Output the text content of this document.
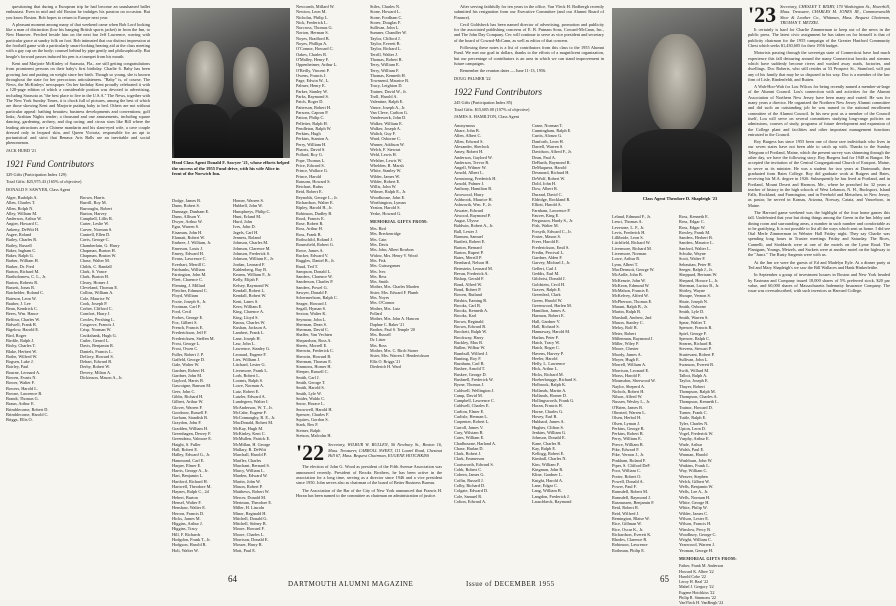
questioning that during a European trip he had become an unashamed ballet enthusiast. Even in mid and old Boston he indulges his passion on occasion. But you know Boston. Bob hopes to return to Europe next year.

A pleasant moment among many of that weekend came when Bob Lord looking like a man of distinction (low his hanging British sports jacket) in from the Inn, to New Hanover. Perched beside him on the next bar Jeff Lawrence, waving with particular grace at sundry folk on foot. Bob intimated that our distinct impression at the football game with a particularly smart-looking hearing aid at the class meeting with a gay cap on the body; counsel behind by pipe gently and philosophically. But beagle's forward passes induced his pen is a trumpet from his mouth.

Kent and Marjorie McKinley of Sarasota, Fla., are still getting congratulations from prominent persons on their baby's first birthday. Charlie 6. Baby has been growing fast and putting on weight since her birth. Though so young, she is known throughout the state for her precocious articulateness. "Baby" is, of course, The News, the McKinleys' newspaper. On her birthday Kent proudly celebrated it with a 128-page edition of which a considerable portion was devoted to advertising, including Sarasota as "the best place to live in the U.S.A." The News, together with The New York Sunday Times, it is chock full of pictures, among the best of which are those showing Kent and Marjorie putting baby to bed. Others are not without particular appeal: bathing beauties; business developments and conventions; golf links; Arabian Nights tender; a thousand and one amusements, including square dancing, gardening, archery, and dog racing; and circus stars like Bill where the leading attractions are a Chinese mandarin and his slant-eyed wife, a cave couple dressed only in leopard skin, and Queen Victoria, responsible for an apt to portunistical and strict that Benaux Arts Balls are an inevitable and social phenomenon.

JACK HURD '21

1921 Fund Contributors

329 Gifts (Participation Index 129)

Total Gifts: $25,975.43 (165% of objective)

DONALD F. SAWYER, Class Agent

Alger, Rudolph A.
Allen, Charles T.
Allen, Rolph N.
Alley, William M.
Anderson, Arthur W.
Angier, Howard C.
Ankeny, DeWitt H.
Asgee, Roland
Bailey, Charles R.
Bailey, Russell
Baker, Ingham C.
Baker, Ralph G.
Barber, William H.
Barker, Dr. Fred
Barton, Richard M.
Bartholomew, C. L., Jr.
Barton, Roberts R.
Bassett, Jonas R.
Batchelder, Roland C.
Bateson, Leon W.
Bauber, J. Lee
Bean, Kendrick C.
Beers, Wm. Hance
Belfour, Charles W.
Bidwell, Frank B.
Bigelow, Harold E.
Bird, Roger
Birdtle, Ralph J.
Bixby, Charles T.
Blake, Herbert W.
Bothe, Wilfred W.
Bogsen, Luke J.
Boirley, Paul
Bourne, Leonard A.
Bowen, Evarts N.
Bower, Walter F.
Bowers, Harold L.
Bowne, Lawrence B.
Brandt, Thomas G.
Braun, Arthur E.
Brimblecome, Robert D.
Brimblecome, Harold C.
Briggs, Ellis O.
Brown, Harris
Burrill, Roy M.
Burroughs, Robert
Burton, Harvey
Campbell, Lillis R.
Carter, Leslie W.
Carver, Norman S.
Cantrell, Ellen D.
Cavis, George C.
Chamberlain, G. Harry
Chapman, Burton H.
Chapman, Bruton W.
Chase, Walter M.
Childs, C. Randall
Clark, S. Vance
Clark, Burton H.
Cleary, Homer J.
Cleveland, Thomas E.
Collins, William A.
Cole, Maurice W.
Cook, Joseph P.
Corber, Clifford C.
Comfort, Harry J.
Cowles, Pershing L.
Cosgrove, Francis J.
Crisp, Norman W.
Cruikshank, Hugh G.
Cutler, Gerard L.
Davis, Benjamin R.
Daniels, Francis L.
DeGrey, Howard S.
Dehart, Edward B.
Derby, Robert W.
Devery, Milton A.
Dickinson, Mason A., Jr.
Head Class Agent Donald F. Sawyer '21, whose efforts helped the success of the 1955 Fund drive, with his wife Alice in front of the Norwich Inn.
Dodge, James B.
Dunn, Robert S.
Dunnage, Dunham E.
Dunn, Allison Y.
Dwyer, Arthur W.
Egar, Warren S.
Eisaman, John H.
Elamatt, Robert W.
Embree, J. William, Jr.
Emerson, Louis J.
Emery, Edward H.
Evans, Lawrence C.
Everhart, Merrill C.
Fairbanks, William
Farrington, John M.
Fleet, Clarence C.
Fleming, J. Millard
Fletcher, Edmund C.
Floyd, William
Foote, Joseph S., Jr.
Footman, Carl F.
Ford, Cecil
Forbes, George E.
Fox, Gilbert S.
French, Francis E.
Frederickson, Jeff F.
Fredericksen, Steffen M.
Frost, George L.
Frost, Owen C.
Fuller, Robert J. P.
Gaffeld, George D.
Gale, Walter W.
Gardner, Robert H.
Gardner, John M.
Gaylord, Harris B.
Gascoigne, Ranson M.
Geer, John C.
Gibbs, Richard H.
Gilbert, Arthur W.
Glover, Warren F.
Goodnow, Russell F.
Gorham, Standish B.
Graydon, John F.
Gradden, William H.
Greenhagen, Dewey F.
Greendeau, Valmore E.
Haight, S. Fuller
Hall, Robert E.
Halley, Edward G., Jr.
Hammond, Carl E.
Harper, Elmer E.
Harris, George A., Jr.
Hart, Benjamin L.
Hartford, Richard H.
Hartwell, Theodore M.
Haynes, Ralph C., 2d
Hebert, Burton
Hensel, Walter F.
Henshaw, Walter E.
Herron, Francis D.
Hicks, James M.
Higgins, Arthur J.
Higgins, Tracy
Hill, F. Richards
Hodgdon, Frank T., Jr.
Hodgson, Harold R.
Holt, Walter W.
Homer, Warren S.
Hubbell, John W.
Humphreys, Philip C.
Hunt, Erland M.
Hurd, John
Ives, John D.
Jagels, Carl H.
Jenness, Roland
Johnson, Charles M.
Johnson, Clarence M.
Johnson, Frederick S.
Johnson, William E., Jr.
Jordan, Leonard F.
Kahlenberg, Ray B.
Kearns, William F., Jr.
Kelly, Elijah F.
Kelsey, Raymond W.
Kendall, Robert L.
Kendall, Robert W.
Kent, Lanes S.
Kern, William E.
King, Clarence A.
King, Lloyd S.
Knous, Charles W.
Kushan, Jackson A.
Lambert, Frank L.
Lane, Joseph H.
Law, John L.
Lawrence, Stanley G.
Leonard, Eugene F.
Lies, William J.
Litchard, Lester G.
Livermore, Frank L.
Lorb, Robert L.
Loomis, Ralph S.
Lowe, Norman A.
Lutz, Robert E.
Lutzler, Edward A.
Lundegren, Walter I.
McAnderson, W. T., Jr.
McCabe, Eugene F.
McConnaughy, B. E., Jr.
MacDonald, Robert M.
McKay, Hugh M.
McKinley, Kent C.
McMullen, Patrick E.
McMillan, H. George
Mallary, R. DeWitt
Marchall, Harold P.
Marfler, Charles
Marchant, Bernard S.
Marcy, William L.
Marden, Edward W.
Martin, John W.
Mason, Robert P.
Matthews, Robert W.
Mercer, Donald M.
Meriman, Theodore E.
Miller, H. Lincoln
Minor, Reginald H.
Mitchell, Donald G.
Mitchell, Sidney B.
Moore, Howard F.
Moore, Charles L.
Morrison, Donald E.
Mosser, Harry R.
Mott, Paul E.
Newcomb, Millard W.
Newton, Leon M.
Nicholas, Philip L.
Nick, Frederick L.
Norcross, Thomas G.
Norton, Herman S.
Noyes, Bradford B.
Noyes, Phillips A.
O'Connor, Howard C.
Oakes, Charles R.
O'Malley, Henry F.
Oppenheimer, Arthur L.
O'Reilly, Vincent P.
Owens, Francis J.
Page, Edwin W., L.
Palmer, Henry E.
Parker, Stanley W.
Parks, Raymond S.
Patch, Roger D.
Patterson, Robert H.
Parsons, Capron P.
Patton, Philip C.
Pelletier, Ralph H.
Pendleton, Ralph W.
Perkins, Hugh
Perkins, Stanton A.
Perry, William H.
Pharris, David S.
Pollard, Roy G.
Pope, Thomas L.
Price, Edward S.
Prince, Wallace G.
Prince, Harold
Ransom, Howard S.
Reichart, Rufus
Reid, Robert E.
Reynolds, George L., Jr.
Richardson, Walter E.
Ripley, Harold H., Jr.
Robinson, Dudley B.
Rood, Francis E.
Rose, Robert R.
Ross, Arthur H.
Ross, Frank B.
Rothschild, Roland J.
Rounsfield, Robert G.
Rowe, James A.
Rucker, Edward V.
Ruggles, Daniel B., Jr.
Ruud, Ted T.
Sampson, Donald L.
Sanders, Clarence W.
Sanderson, Charles P.
Sanders, Powel G.
Sawyer, Donald F.
Schermerhorn, Ralph C.
Seager, Howard J.
Segall, Hyman S.
Sexton, Walter K.
Seymour, John L.
Sherman, Dean S.
Sherman, David C.
Shaffer, Van Vechten
Shepardson, Ross A.
Sheets, Morrell E.
Sherwin, Frederick C.
Sherwin, Howard B.
Sherman, Thomas E.
Simmons, Homer H.
Sleeper, Russell C.
Smith, Carl J.
Smith, George T.
Smith, Harold S.
Smith, Lyle W.
Snider, Waldo C.
Snow, Horace L.
Snowwell, Harold H.
Spencer, Charles F.
Squires, Gordon S.
Stark, Rex F.
Steiner, Ralph
Stetson, Malcolm H.
Stiles, Charles N.
Stone, Howard L.
Stone, Fordham C.
Storer, Douglas F.
Sullivan, John L.
Sumner, Chandler W.
Taylor, Clifford J.
Taylor, Everett B.
Taylor, Richard L.
Terrill, Walter J.
Thomas, Robert R.
Terry, William E.
Terry, William F.
Thomas, Kenneth H.
Townsend, Maurice B.
Tracy, Leighton D.
Trainer, David W., Jr.
Troll, Harold A.
Valentine, Ralph E.
Vance, Joseph A., Jr.
Van Cleve, Carlton G.
Vanderwerk, John D.
Walker, William E.
Walker, Joseph A.
Waltch, Guy F.
Ward, Osborne C.
Warner, Addison W.
Welch, F. Stewart
Weld, Lewis H.
Welsher, Lewis W.
Whelden, R. Marsh
White, Stanley W.
Wilder, James W.
Wilder, Robert E.
Willis, John W.
Wilmer, Ralph E., Jr.
Woodhouse, John E.
Worthington, Lyman
Yeaton, Harold S.
Yerke, Howard G.
MEMORIAL GIFTS FROM:
Mrs. Bird
Mrs. Breckenridge
Mrs. Cain
Mrs. Davis
Mrs. John, Albert Bowbon
Widow, Mrs. Henry V. Wood
Mrs. Fisk
Mrs. Guissegames
Mrs. Iver.
Mrs. Ress
Mrs. Smith
Mother, Mrs. Charles Marden
Sister, Mrs. Edward F. Plumb
Mrs. Noyes
Mrs. O'Connor
Mother, Mrs. Lutz
Pollard
Mother, Mrs. John A. Hancon
Daphne C. Baker '21
Brother, Paul S. Temple '20
Mrs. Russell
Dr. Lister
Mrs. Ross
Mother, Mrs. C. Birch Stoner
Sister, Mrs. Warren J. Henderickson
Ellis O. Briggs '21
Diederich H. Ward
'22 Secretary, WILBUR W. BULLEN, 56 Newbury St., Boston 16, Mass. Treasurer, CARROLL SWEET, 111 Laurel Road, Chestnut Hill 67, Mass. Bequest Chairman, EUGENE HOTCHKISS

The election of John G. Wood as president of the Fifth Avenue Association was announced recently. President of Brooks Brothers, he has been active in the association for a long time, serving as a director since 1946 and a vice president since 1950. John serves also as chairman of the board of Better Business Bureau.

The Association of the Bar of the City of New York announced that Francis H. Horan has been named to the committee as chairman on administration of justice.

64	DARTMOUTH ALUMNI MAGAZINE

After serving faithfully for ten years in the office, Van Vleck H. Bodbergh recently submitted his resignation from our Executive Committee (and our Alumni Board of Finance).

Cecil Goldsbeck has been named director of advertising, promotion and publicity for the associated publishing concerns of E. B. Putnam Sons, Coward-McCann, Inc., and The John Day Company. Cec will continue to serve as vice president and secretary of the board of Coward-McCann, as well as editor of that concern.

Following these notes is a list of contributors from this class to the 1955 Alumni Fund. We met our goal in dollars, thanks to the efforts of a magnificent organization, but our percentage of contributors is an area in which we can stand improvement in future campaigns.

Remember the reunion dates — June 11-13, 1956.

DOUG PALMER '22

1922 Fund Contributors

245 Gifts (Participation Index 85)

Total Gifts: $15,685.00 (107% of objective)

JAMES A. HAMILTON, Class Agent

Anonymous
Abare, John B.
Allen, Albert C.
Allen, Edward S.
Alexander, Sherlock
Amey, Robert H.
Anderson, Gaylord W.
Anderson, Trevor R.
Angell, Wilmer W.
Arnold, Albert L.
Armstrong, Frederick H.
Arnold, Palmer J.
Anthony, Hamilton B.
Arrowood, Harry
Ashbrook, Maurice H.
Ashworth, Wm. F., Jr.
Atwater, Edward
Atwood, Raymond P.
Augur, Ulysse
Baldwin, Robert A., Jr.
Ball, Lester J.
Barnum, Samuel
Bartlett, Robert E.
Barton, Bernard
Barton, Rupert P.
Bates, Merrill P.
Bernhard, Nelson H.
Bernstein, Leonard M.
Bevan, Frederick A.
Bishop, Gerald F.
Bond, Alfred W.
Bond, Robert P.
Bowen, Rutland
Brisbin, Eaming R.
Brooks, Carl B.
Brooks, Kenneth A.
Brooks, Karl
Brown, Reginald
Brown, Edward B.
Brockett, Ralph W.
Brockway, Harry
Buckley, Max B.
Bullen, Wilbur W.
Bumbull, Wilfred J.
Bunting, Roy F.
Burnham, Carl B.
Bushee, Arnold T.
Buskee, George D.
Bushnell, Frederick W.
Byrne, Thomas J.
Caldwell, Wellington J.
Camp, David M.
Campbell, Lawrence C.
Caldwell, Charles E.
Carlton, Elmer E.
Carlisle, Herman L.
Carpenter, Robert L.
Carroll, James V.
Cary, Wilsiam B.
Cates, William E.
Chadbourne, Harland A.
Chase, Harlan D.
Clark, Robert J.
Clark, Emmerson
Coatsworth, Edward S.
Cobb, Robert C.
Cobern, James G.
Coffin, Russell J.
Colby, Richard D.
Colgate, Edward D.
Cole, Samuel R.
Colton, Edward A.
Crane, Norman T.
Cunningham, Ralph E.
Curtis, Alonzo G.
Danforth, Leon H.
Darrell, Warren S.
Davidson, Alfred F., Jr.
Dean, Paul A.
DeBurth, Raymond R.
DeMaquera, Harold
Desmond, Richard H.
DeWolf, Robert W.
Dold, John H.
Dow, Albert R.
Durand, David C.
Eldridge, Rockland R.
Elliott, Harold A.
Farnham, Lawrence P.
Fauver, King E.
Fergusson, Hardy S., Jr.
Fish, Walter M.
Forsyth, Edward C., Jr.
Foster, Mason S.
Freer, Harold E.
Frederickson, Emil S.
Fredin, Percival L.
Gardner, Alden F.
Garvey, Michael J., Jr.
Gellert, Carl J.
Geddis, Earl M.
Gilchrist, Donald J.
Goldstein, Cecil H.
Graves, Ralph E.
Greenleaf, Clark
Green, Harold W.
Greenwood, Harlen M.
Hamilton, James A.
Harmon, Robert E.
Hall, Gardner V.
Hall, Richard S.
Hannaway, Harold M.
Harlan, Peter F.
Hatch, Tracy W.
Hatch, Roger C.
Havens, Harvey P.
Heeler, Harold
Helly, L. Lawrence
Hick, Arthur L.
Hicks, Richard M.
Hoeberbrugge, Richard S.
Holbrook, Ralph K.
Hollands, Martin A.
Hollands, Horner D.
Hollingsworth, Frank G.
Horan, Francis H.
Horne, Charles G.
Hovey, Earl R.
Hubbard, James A.
Hughes, Clifton S.
Jenkins, William G.
Johnson, Donald E.
Kane, Charles B.
Kay, Ralph E.
Kellogg, Robert E.
Kimball, Charles N.
Kim, William F.
Kingman, John R.
Kline, Gardner L.
Knight, Harold A.
Lane, Edgar C.
Lang, William B.
Langdon, Frederick J.
Lauschbeck, Raymond
Class Agent Theodore D. Shapleigh '23
Leland, Edmund F., Jr.
Lenci, Thomas A.
Leverone, L. F., Jr.
Levis, Frederick H.
Lillibride, Leon S.
Litchfield, Richard W.
Livermore, Richard M.
Livermore, Norman
Lowe, Arthur R.
Lynn, Albert T.
MacDermott, George W.
McArdle, John B.
McKenzie, John W.
McKeon, Edmund W.
McMahon, Francis E.
McKelvey, Alfred W.
McPherson, Thomas E.
Marani, Ralph B., Jr.
Martin, Ralph B.
Marshall, Andrew, 2nd
Mason, Stanley C.
Meloy, Rolf B.
Meier, Robert
Millenman, Raymond J.
Miller, Wiley P.
Moore, Chester
Moody, James A.
Moyer, Hugh E.
Morrell, William A.
Morrison, Leonard E.
Morss, Harold F.
Mounsdon, Sherwood W.
Naylor, Sheperd A.
Nichols, Robert H.
Nilson, Alfred W.
Nussen, Wesley L., Jr.
O'Brien, James B.
Olmsted, Warren L.
Olsen, Herbol H.
Olsen, Lyman J.
Perkins, George B.
Perkins, Robert B.
Perry, William E.
Pierce, William B.
Pike, Edward F.
Pike, Vernon J., Jr.
Pinkham, Roland F.
Piper, S. Clifford DeF.
Poor, William C.
Porter, Robert O.
Powell, Donald A.
Power, Paul F.
Ramsdell, Robert M.
Ramsdell, Raymond J.
Rasmussen, Benjamin F.
Reid, Robert R.
Reid, Wilfred J.
Remington, Blaise W.
Rice, Gillman W.
Rice, Oscar K., Jr.
Richardson, Everett K.
Rhodes, Clarence R.
Robinson, Lawrence
Rothman, Philip E.
Ross, Kenneth E.
Ross, Edgar C.
Ross, Edgar W.
Rowley, Frank M.
Sanders, Herbert B.
Sanders, Maurice L.
Sanford, Walter L.
Schultz, Wayne
Scott, Walter F.
Sebastian, Peter H.
Seeger, Ralph J., Jr.
Sheppard, Bertram W.
Shepard, Horace L., Jr.
Sherman, Lucius B., Jr.
Shirley, Wayne
Shoupe, Vernon S.
Shute, Joseph N.
Smith, Osborne
Smith, Lyle D.
Smith, Warren S.
Spear, Walter T.
Spencer, Francis R.
Spiel, George F.
Spencer, Ralph C.
Stearns, Richard R.
Stevens, Stewart P.
Sturtevant, Robert P.
Sullivan, John L.
Swanson, Everett B.
Swift, Willard M.
Talbot, Ralph A.
Taylor, Joseph E.
Thayer, Robert
Thompson, Ralph M.
Thompson, Charles A.
Thompson, Kenneth L.
Trainor, Howard D.
Turner, Frank C.
Tuttle, Ralph E.
Tyler, Charles N.
Upton, Leon D.
Vogel, Frederick W.
Vurphy, Arthur E.
Wade, Arthur
Walsh, Paul E.
Warman, Harold
Washburn, John W.
Watkins, Frank L.
Way, William C.
Weaver, Stephen
Welch, Gilbert W.
Wells, Benjamin W.
Wells, Lee A., Jr.
Wells, Norman H.
White, George H.
White, Philip W.
Wilder, James C.
Wilson, Lester E.
Wilson, Francis H.
Winslow, Percy B.
Woodbury, George C.
Wright, William C.
Yearwood, Warren J.
Yeoman, George H.
MEMORIAL GIFTS FROM:
Father, Frank M. Anderson
Howard K. Albee '22
Harold Cobe '22
Leroy H. Beal '22
Mabel J. Gregory '22
Eugene Hotchkiss '22
Philip R. Simmons '22
VanVleck H. VanBergh '22
'23 Secretary, CHESLEY T. BIXBY, 170 Washington St., Haverhill, Mass. Treasurer, CHARLES M. JONES JR., Commonwealth Shoe & Leather Co., Whitman, Mass. Bequest Chairman, TRUMAN T. METZEL

It certainly is hard for Charlie Zimmerman to keep out of the news in the public press. The latest civic assignment he has taken on for himself is that of publicity chairman for the 1955 campaign of the Greater Hartford Community Chest which seeks $1,430,605 for their 1956 budget.

Motorists passing through the sovereign state of Connecticut have had much experience this fall detouring around the many Connecticut brooks and streams which have suddenly become rivers and washed away roads, factories, and dwellings. Doc Roberts, who still resides at 53 Prospect St., Stamford, will put any of his family that may be so disposed in his way. Doc is a member of the law firm of Lisle, Rindenfeldt, and Rutten.

A Wah-Hoo-Wah for Lou Wilcox for being recently named a member-at-large of the Alumni Council. Lou's connection with and activities for the Alumni Association of Northern New Jersey have been many and varied. He was for many years a director. He organized the Northern New Jersey Alumni committee and did such an outstanding job he was named to the national enrollment committee of the Alumni Council. In his new post as a member of the Council itself, Lou will serve on several committees studying long-range policies on admissions, courses of study, programs of future development and expansion of the College plant and facilities and other important management functions entrusted to the Council.

Roy Burgess has since 1955 been one of those rare individuals who lives in our seven states have not been able to catch up with. Thanks to the Sunday Telegram of Portland, Maine, which the present survey was shimming through the other day, we have the following story. Roy Burgess had for 1948 at Bangor. He accepted the invitation of the Central Congregational Church of Eastport, Maine, to serve as its minister. He was a student for two years at Dartmouth, then graduated from Bates College. Roy did graduate work at Rutgers and Bates, receiving his M.A. degree in 1926. Subsequently he has lived at Portland, and in Portland, Mount Desert and Harmon, Me., where he preached for 32 years a teacher of history in the high schools of West Lebanon, N. H., Bucksport, Island Falls, Rockland, and Farmington, and in Freehold and Metuchen, in New Jersey, as pastor, he served in Kansas, Arizona, Norway, Cataia, and Vanceboro, in Maine.

The Harvard game weekend was the highlight of the four home games this fall. Undefeated that year but doing things among the Green in the Inn lobby and dining room and surrounding areas, a number in such number and comfortable as to be gratifying. It is not possible to list all the ways which sent us home. I did see Otal Merle Zimmerman in Webster Hall Friday night. They say Charlie was spending long hours in Trustee meetings Friday and Saturday. The Rices, Cannelli, and Stoddards were at one of the motels on the Lyme Road. The Flanigans, Youngs, Metzels, and Sackets were at another motel on the highway to the "Junct." The Rusty Sargents were with us.

At the Inn we were the guests of Ed and Madelyn Eyle. At a dinner party at Ted and Mary Shapleigh's we saw the Bill Wallaces and Hank Hinkerleithe.

In September a group of investment houses in Boston and New York headed by Eastman and Company issued 18,000 shares of 5% preferred stock, $20 par value, and 60,000 shares of Massachusetts Indemnity Insurance Company. The issue was oversubscribed, with such investors as Harvard College.

Issue of DECEMBER 1955	65
